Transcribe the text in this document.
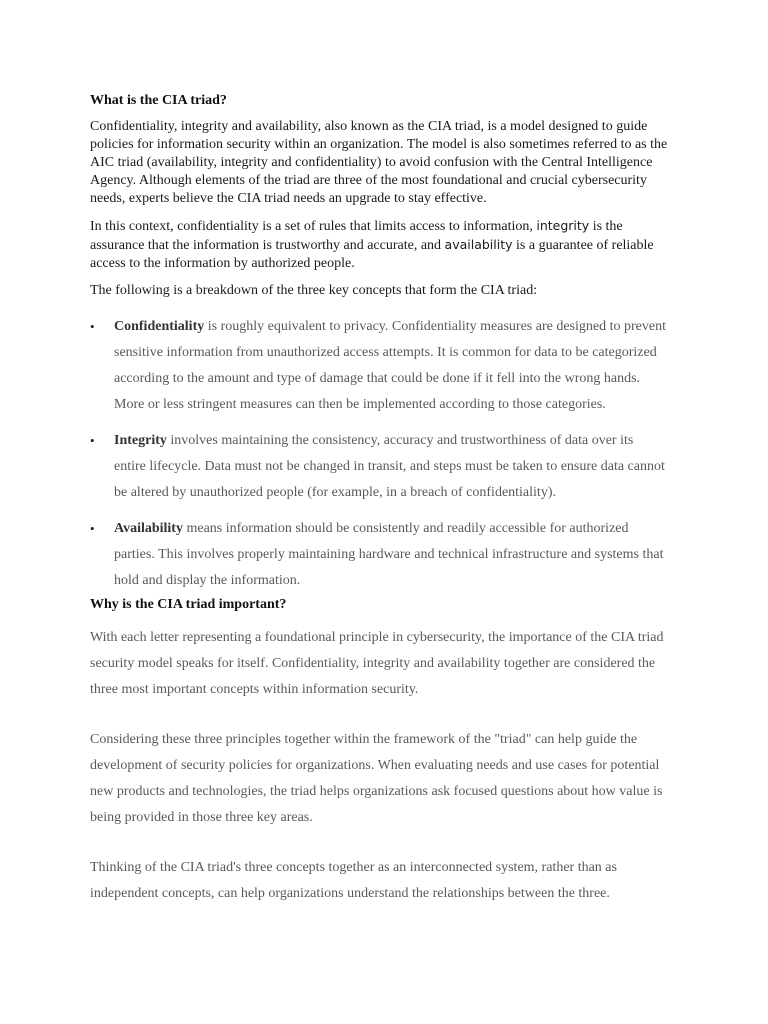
What is the CIA triad?

Confidentiality, integrity and availability, also known as the CIA triad, is a model designed to guide policies for information security within an organization. The model is also sometimes referred to as the AIC triad (availability, integrity and confidentiality) to avoid confusion with the Central Intelligence Agency. Although elements of the triad are three of the most foundational and crucial cybersecurity needs, experts believe the CIA triad needs an upgrade to stay effective.

In this context, confidentiality is a set of rules that limits access to information, integrity is the assurance that the information is trustworthy and accurate, and availability is a guarantee of reliable access to the information by authorized people.

The following is a breakdown of the three key concepts that form the CIA triad:

• Confidentiality is roughly equivalent to privacy. Confidentiality measures are designed to prevent sensitive information from unauthorized access attempts. It is common for data to be categorized according to the amount and type of damage that could be done if it fell into the wrong hands. More or less stringent measures can then be implemented according to those categories.
• Integrity involves maintaining the consistency, accuracy and trustworthiness of data over its entire lifecycle. Data must not be changed in transit, and steps must be taken to ensure data cannot be altered by unauthorized people (for example, in a breach of confidentiality).
• Availability means information should be consistently and readily accessible for authorized parties. This involves properly maintaining hardware and technical infrastructure and systems that hold and display the information.
Why is the CIA triad important?

With each letter representing a foundational principle in cybersecurity, the importance of the CIA triad security model speaks for itself. Confidentiality, integrity and availability together are considered the three most important concepts within information security.

Considering these three principles together within the framework of the "triad" can help guide the development of security policies for organizations. When evaluating needs and use cases for potential new products and technologies, the triad helps organizations ask focused questions about how value is being provided in those three key areas.

Thinking of the CIA triad's three concepts together as an interconnected system, rather than as independent concepts, can help organizations understand the relationships between the three.
